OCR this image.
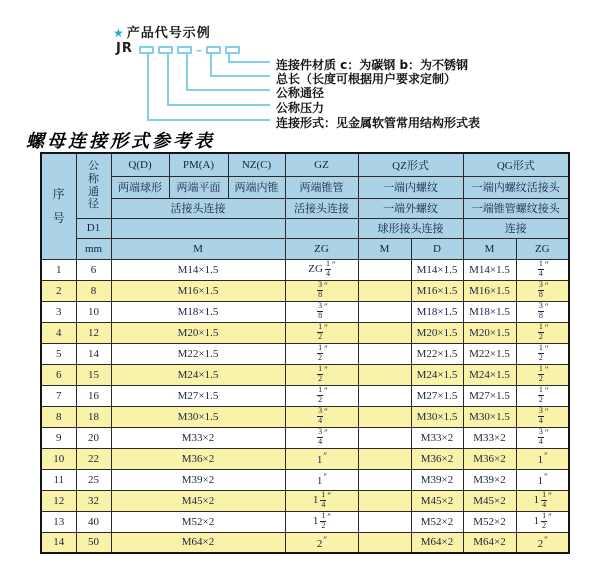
★ 产品代号示例
JR	–
连接件材质 c：为碳钢 b：为不锈钢
总长（长度可根据用户要求定制）
公称通径
公称压力
连接形式：见金属软管常用结构形式表
螺母连接形式参考表
序号	公称通径	Q(D)	PM(A)	NZ(C)	GZ	QZ形式		QG形式	
		两端球形	两端平面	两端内锥	两端锥管	一端内螺纹		一端内螺纹活接头	
		活接头连接			活接头连接	一端外螺纹		一端锥管螺纹接头	
	D1					球形接头连接		连接	
	mm	M			ZG	M	D	M	ZG
1	6	M14×1.5			ZG $\frac{1}{4} ''$		M14×1.5	M14×1.5	$\frac{1}{4} ''$
2	8	M16×1.5			$\frac{3}{8} ''$		M16×1.5	M16×1.5	$\frac{3}{8} ''$
3	10	M18×1.5			$\frac{3}{8} ''$		M18×1.5	M18×1.5	$\frac{3}{8} ''$
4	12	M20×1.5			$\frac{1}{2} ''$		M20×1.5	M20×1.5	$\frac{1}{2} ''$
5	14	M22×1.5			$\frac{1}{2} ''$		M22×1.5	M22×1.5	$\frac{1}{2} ''$
6	15	M24×1.5			$\frac{1}{2} ''$		M24×1.5	M24×1.5	$\frac{1}{2} ''$
7	16	M27×1.5			$\frac{1}{2} ''$		M27×1.5	M27×1.5	$\frac{1}{2} ''$
8	18	M30×1.5			$\frac{3}{4} ''$		M30×1.5	M30×1.5	$\frac{3}{4} ''$
9	20	M33×2			$\frac{3}{4} ''$		M33×2	M33×2	$\frac{3}{4} ''$
10	22	M36×2			1″		M36×2	M36×2	1″
11	25	M39×2			1″		M39×2	M39×2	1″
12	32	M45×2			$1 \frac{1}{4} ''$		M45×2	M45×2	$1 \frac{1}{4} ''$
13	40	M52×2			$1 \frac{1}{2} ''$		M52×2	M52×2	$1 \frac{1}{2} ''$
14	50	M64×2			2″		M64×2	M64×2	2″
